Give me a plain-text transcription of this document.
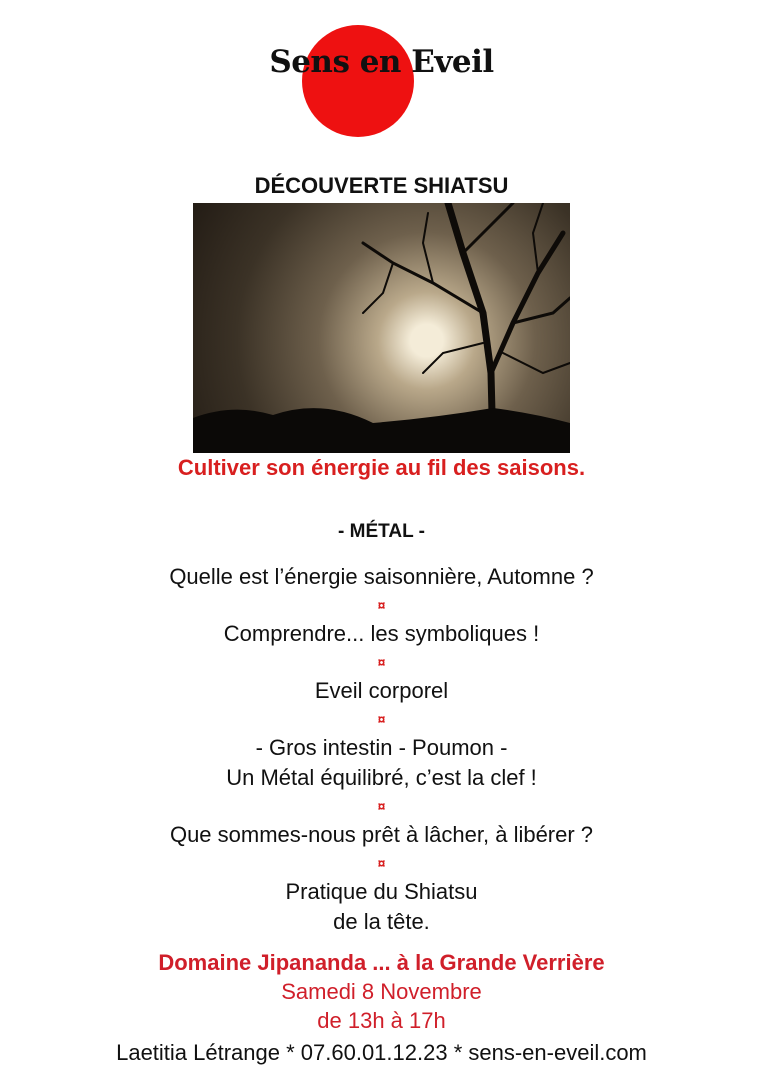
Sens en Eveil
DÉCOUVERTE SHIATSU
Cultiver son énergie au fil des saisons.
- MÉTAL -
Quelle est l’énergie saisonnière, Automne ?
¤
Comprendre... les symboliques !
¤
Eveil corporel
¤
- Gros intestin - Poumon -
Un Métal équilibré, c’est la clef !
¤
Que sommes-nous prêt à lâcher, à libérer ?
¤
Pratique du Shiatsu
de la tête.
Domaine Jipananda ... à la Grande Verrière
Samedi 8 Novembre
de 13h à 17h
Laetitia Létrange * 07.60.01.12.23 * sens-en-eveil.com
